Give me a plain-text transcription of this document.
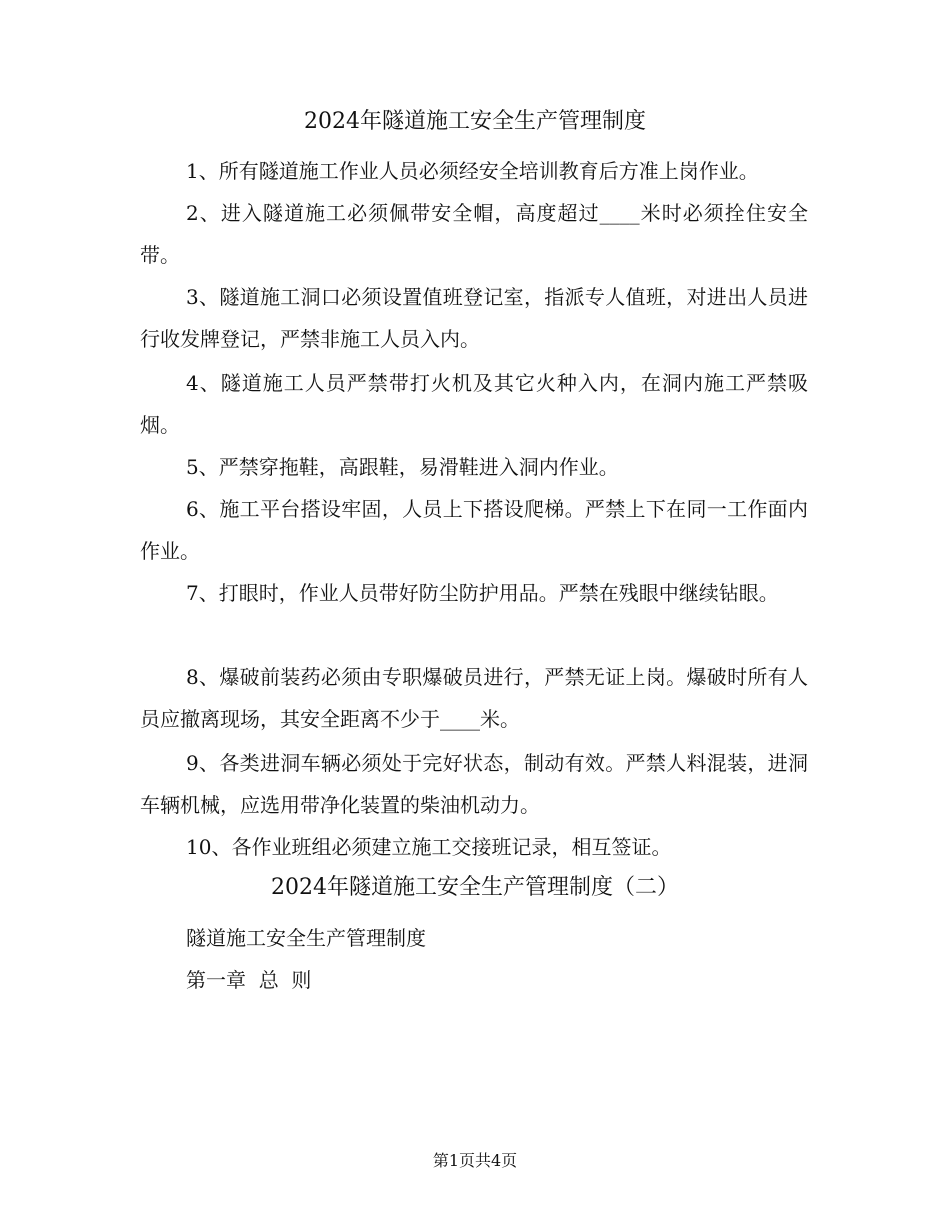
2024年隧道施工安全生产管理制度

1、所有隧道施工作业人员必须经安全培训教育后方准上岗作业。

2、进入隧道施工必须佩带安全帽，高度超过____米时必须拴住安全带。

3、隧道施工洞口必须设置值班登记室，指派专人值班，对进出人员进行收发牌登记，严禁非施工人员入内。

4、隧道施工人员严禁带打火机及其它火种入内，在洞内施工严禁吸烟。

5、严禁穿拖鞋，高跟鞋，易滑鞋进入洞内作业。

6、施工平台搭设牢固，人员上下搭设爬梯。严禁上下在同一工作面内作业。

7、打眼时，作业人员带好防尘防护用品。严禁在残眼中继续钻眼。

8、爆破前装药必须由专职爆破员进行，严禁无证上岗。爆破时所有人员应撤离现场，其安全距离不少于____米。

9、各类进洞车辆必须处于完好状态，制动有效。严禁人料混装，进洞车辆机械，应选用带净化装置的柴油机动力。

10、各作业班组必须建立施工交接班记录，相互签证。

2024年隧道施工安全生产管理制度（二）

隧道施工安全生产管理制度

第一章  总  则

第1页共4页
